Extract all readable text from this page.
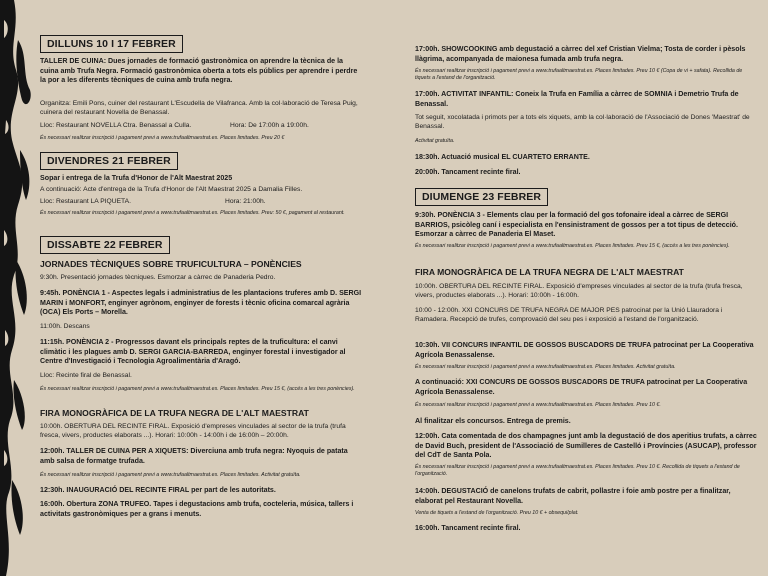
DILLUNS 10 I 17 FEBRER

TALLER DE CUINA: Dues jornades de formació gastronòmica on aprendre la tècnica de la cuina amb Trufa Negra. Formació gastronòmica oberta a tots els públics per aprendre i perdre la por a les diferents tècniques de cuina amb trufa negra.

Organitza: Emili Pons, cuiner del restaurant L'Escudella de Vilafranca. Amb la col·laboració de Teresa Puig, cuinera del restaurant Novella de Benassal.

Lloc: Restaurant NOVELLA Ctra. Benassal a Culla.	Hora: De 17:00h a 19:00h.

És necessari realitzar inscripció i pagament previ a www.trufaaltmaestrat.es. Places limitades. Preu 20 €

DIVENDRES 21 FEBRER

Sopar i entrega de la Trufa d'Honor de l'Alt Maestrat 2025

A continuació: Acte d'entrega de la Trufa d'Honor de l'Alt Maestrat 2025 a Damalia Filles.

Lloc: Restaurant LA PIQUETA.	Hora: 21:00h.

És necessari realitzar inscripció i pagament previ a www.trufaaltmaestrat.es. Places limitades. Preu: 50 €, pagament al restaurant.

DISSABTE 22 FEBRER

JORNADES TÈCNIQUES SOBRE TRUFICULTURA – PONÈNCIES

9:30h. Presentació jornades tècniques. Esmorzar a càrrec de Panaderia Pedro.

9:45h. PONÈNCIA 1 - Aspectes legals i administratius de les plantacions truferes amb D. SERGI MARIN i MONFORT, enginyer agrònom, enginyer de forests i tècnic oficina comarcal agrària (OCA) Els Ports – Morella.

11:00h. Descans

11:15h. PONÈNCIA 2 - Progressos davant els principals reptes de la truficultura: el canvi climàtic i les plagues amb D. SERGI GARCIA-BARREDA, enginyer forestal i investigador al Centre d'Investigació i Tecnologia Agroalimentària d'Aragó.

Lloc: Recinte firal de Benassal.

És necessari realitzar inscripció i pagament previ a www.trufaaltmaestrat.es. Places limitades. Preu 15 €, (accés a les tres ponències).

FIRA MONOGRÀFICA DE LA TRUFA NEGRA DE L'ALT MAESTRAT

10:00h. OBERTURA DEL RECINTE FIRAL. Exposició d'empreses vinculades al sector de la trufa (trufa fresca, vivers, productes elaborats ...). Horari: 10:00h - 14:00h i de 16:00h – 20:00h.

12:00h. TALLER DE CUINA PER A XIQUETS: Diverciuna amb trufa negra: Nyoquis de patata amb salsa de formatge trufada.

És necessari realitzar inscripció i pagament previ a www.trufaaltmaestrat.es. Places limitades. Activitat gratuïta.

12:30h. INAUGURACIÓ DEL RECINTE FIRAL per part de les autoritats.

16:00h. Obertura ZONA TRUFEO. Tapes i degustacions amb trufa, cocteleria, música, tallers i activitats gastronòmiques per a grans i menuts.

17:00h. SHOWCOOKING amb degustació a càrrec del xef Cristian Vielma; Tosta de corder i pèsols llàgrima, acompanyada de maionesa fumada amb trufa negra.

És necessari realitzar inscripció i pagament previ a www.trufaaltmaestrat.es. Places limitades. Preu 10 € (Copa de vi + safata). Recollida de tiquets a l'estand de l'organització.

17:00h. ACTIVITAT INFANTIL: Coneix la Trufa en Família a càrrec de SOMNIA i Demetrio Trufa de Benassal.

Tot seguit, xocolatada i primots per a tots els xiquets, amb la col·laboració de l'Associació de Dones 'Maestrat' de Benassal.

Activitat gratuïta.

18:30h. Actuació musical EL CUARTETO ERRANTE.

20:00h. Tancament recinte firal.

DIUMENGE 23 FEBRER

9:30h. PONÈNCIA 3 - Elements clau per la formació del gos tofonaire ideal a càrrec de SERGI BARRIOS, psicòleg caní i especialista en l'ensinistrament de gossos per a tot tipus de detecció. Esmorzar a càrrec de Panaderia El Maset.

És necessari realitzar inscripció i pagament previ a www.trufaaltmaestrat.es. Places limitades. Preu 15 €, (accés a les tres ponències).

FIRA MONOGRÀFICA DE LA TRUFA NEGRA DE L'ALT MAESTRAT

10:00h. OBERTURA DEL RECINTE FIRAL. Exposició d'empreses vinculades al sector de la trufa (trufa fresca, vivers, productes elaborats ...). Horari: 10:00h - 16:00h.

10:00 - 12:00h. XXI CONCURS DE TRUFA NEGRA DE MAJOR PES patrocinat per la Unió Llauradora i Ramadera. Recepció de trufes, comprovació del seu pes i exposició a l'estand de l'organització.

10:30h. VII CONCURS INFANTIL DE GOSSOS BUSCADORS DE TRUFA patrocinat per La Cooperativa Agrícola Benassalense.

És necessari realitzar inscripció i pagament previ a www.trufaaltmaestrat.es. Places limitades. Activitat gratuïta.

A continuació: XXI CONCURS DE GOSSOS BUSCADORS DE TRUFA patrocinat per La Cooperativa Agrícola Benassalense.

És necessari realitzar inscripció i pagament previ a www.trufaaltmaestrat.es. Places limitades. Preu 10 €.

Al finalitzar els concursos. Entrega de premis.

12:00h. Cata comentada de dos champagnes junt amb la degustació de dos aperitius trufats, a càrrec de David Buch, president de l'Associació de Sumilleres de Castelló i Províncies (ASUCAP), professor del CdT de Santa Pola.

És necessari realitzar inscripció i pagament previ a www.trufaaltmaestrat.es. Places limitades. Preu 10 €. Recollida de tiquets a l'estand de l'organització.

14:00h. DEGUSTACIÓ de canelons trufats de cabrit, pollastre i foie amb postre per a finalitzar, elaborat pel Restaurant Novella.

Venta de tiquets a l'estand de l'organització. Preu 10 € + obsequi/plat.

16:00h. Tancament recinte firal.
